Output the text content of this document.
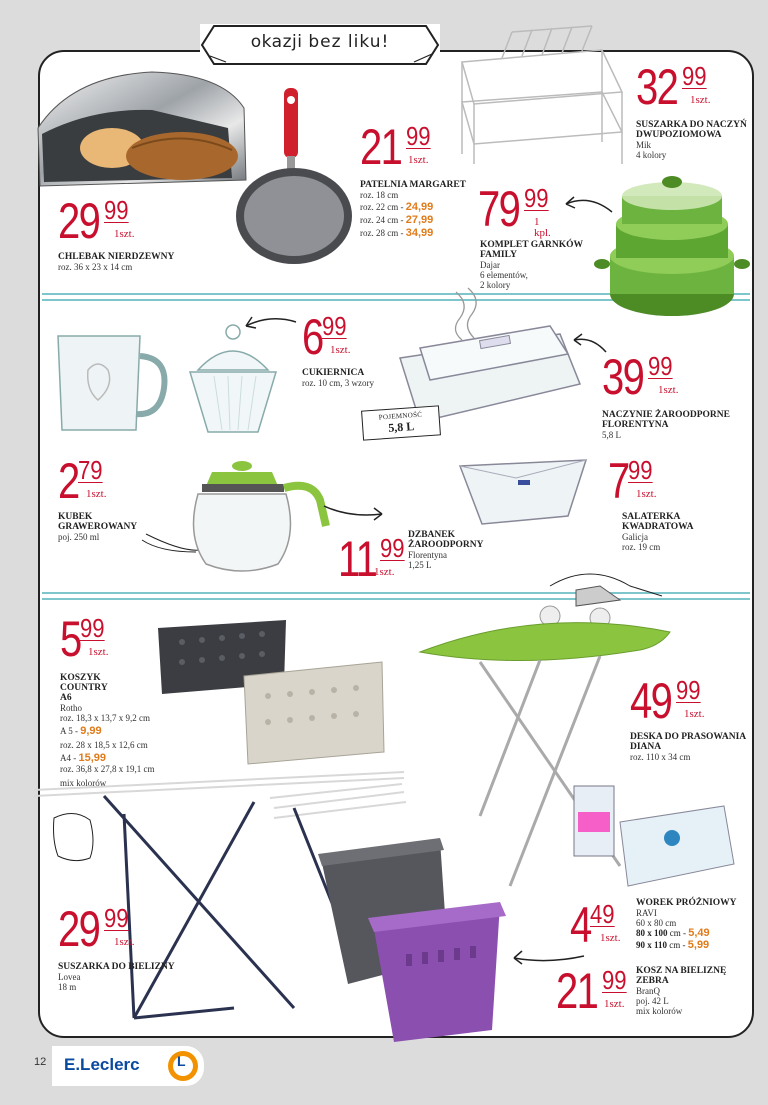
okazji bez liku!
29 99
1szt.
CHLEBAK NIERDZEWNY
roz. 36 x 23 x 14 cm
21 99
1szt.
PATELNIA MARGARET
roz. 18 cm
roz. 22 cm - 24,99
roz. 24 cm - 27,99
roz. 28 cm - 34,99
32 99
1szt.
SUSZARKA DO NACZYŃ
DWUPOZIOMOWA
Mik
4 kolory
79 99
1 kpl.
KOMPLET GARNKÓW
FAMILY
Dajar
6 elementów,
2 kolory
POJEMNOŚĆ
5,8 L
699
1szt.
CUKIERNICA
roz. 10 cm, 3 wzory	39 99
1szt.
NACZYNIE ŻAROODPORNE
FLORENTYNA
5,8 L
279
1szt.
KUBEK
GRAWEROWANY
poj. 250 ml	11 99
1szt.
DZBANEK
ŻAROODPORNY
Florentyna
1,25 L
799
1szt.
SALATERKA
KWADRATOWA
Galicja
roz. 19 cm
599
1szt.
KOSZYK
COUNTRY
A6
Rotho
roz. 18,3 x 13,7 x 9,2 cm
A 5 - 9,99
roz. 28 x 18,5 x 12,6 cm
A4 - 15,99
roz. 36,8 x 27,8 x 19,1 cm
mix kolorów
49 99
1szt.
DESKA DO PRASOWANIA
DIANA
roz. 110 x 34 cm
29 99
1szt.
SUSZARKA DO BIELIZNY
Lovea
18 m
449
1szt.
WOREK PRÓŻNIOWY
RAVI
60 x 80 cm
80 x 100 cm - 5,49
90 x 110 cm - 5,99
21 99
1szt.
KOSZ NA BIELIZNĘ
ZEBRA
BranQ
poj. 42 L
mix kolorów
12 E.Leclerc	L
